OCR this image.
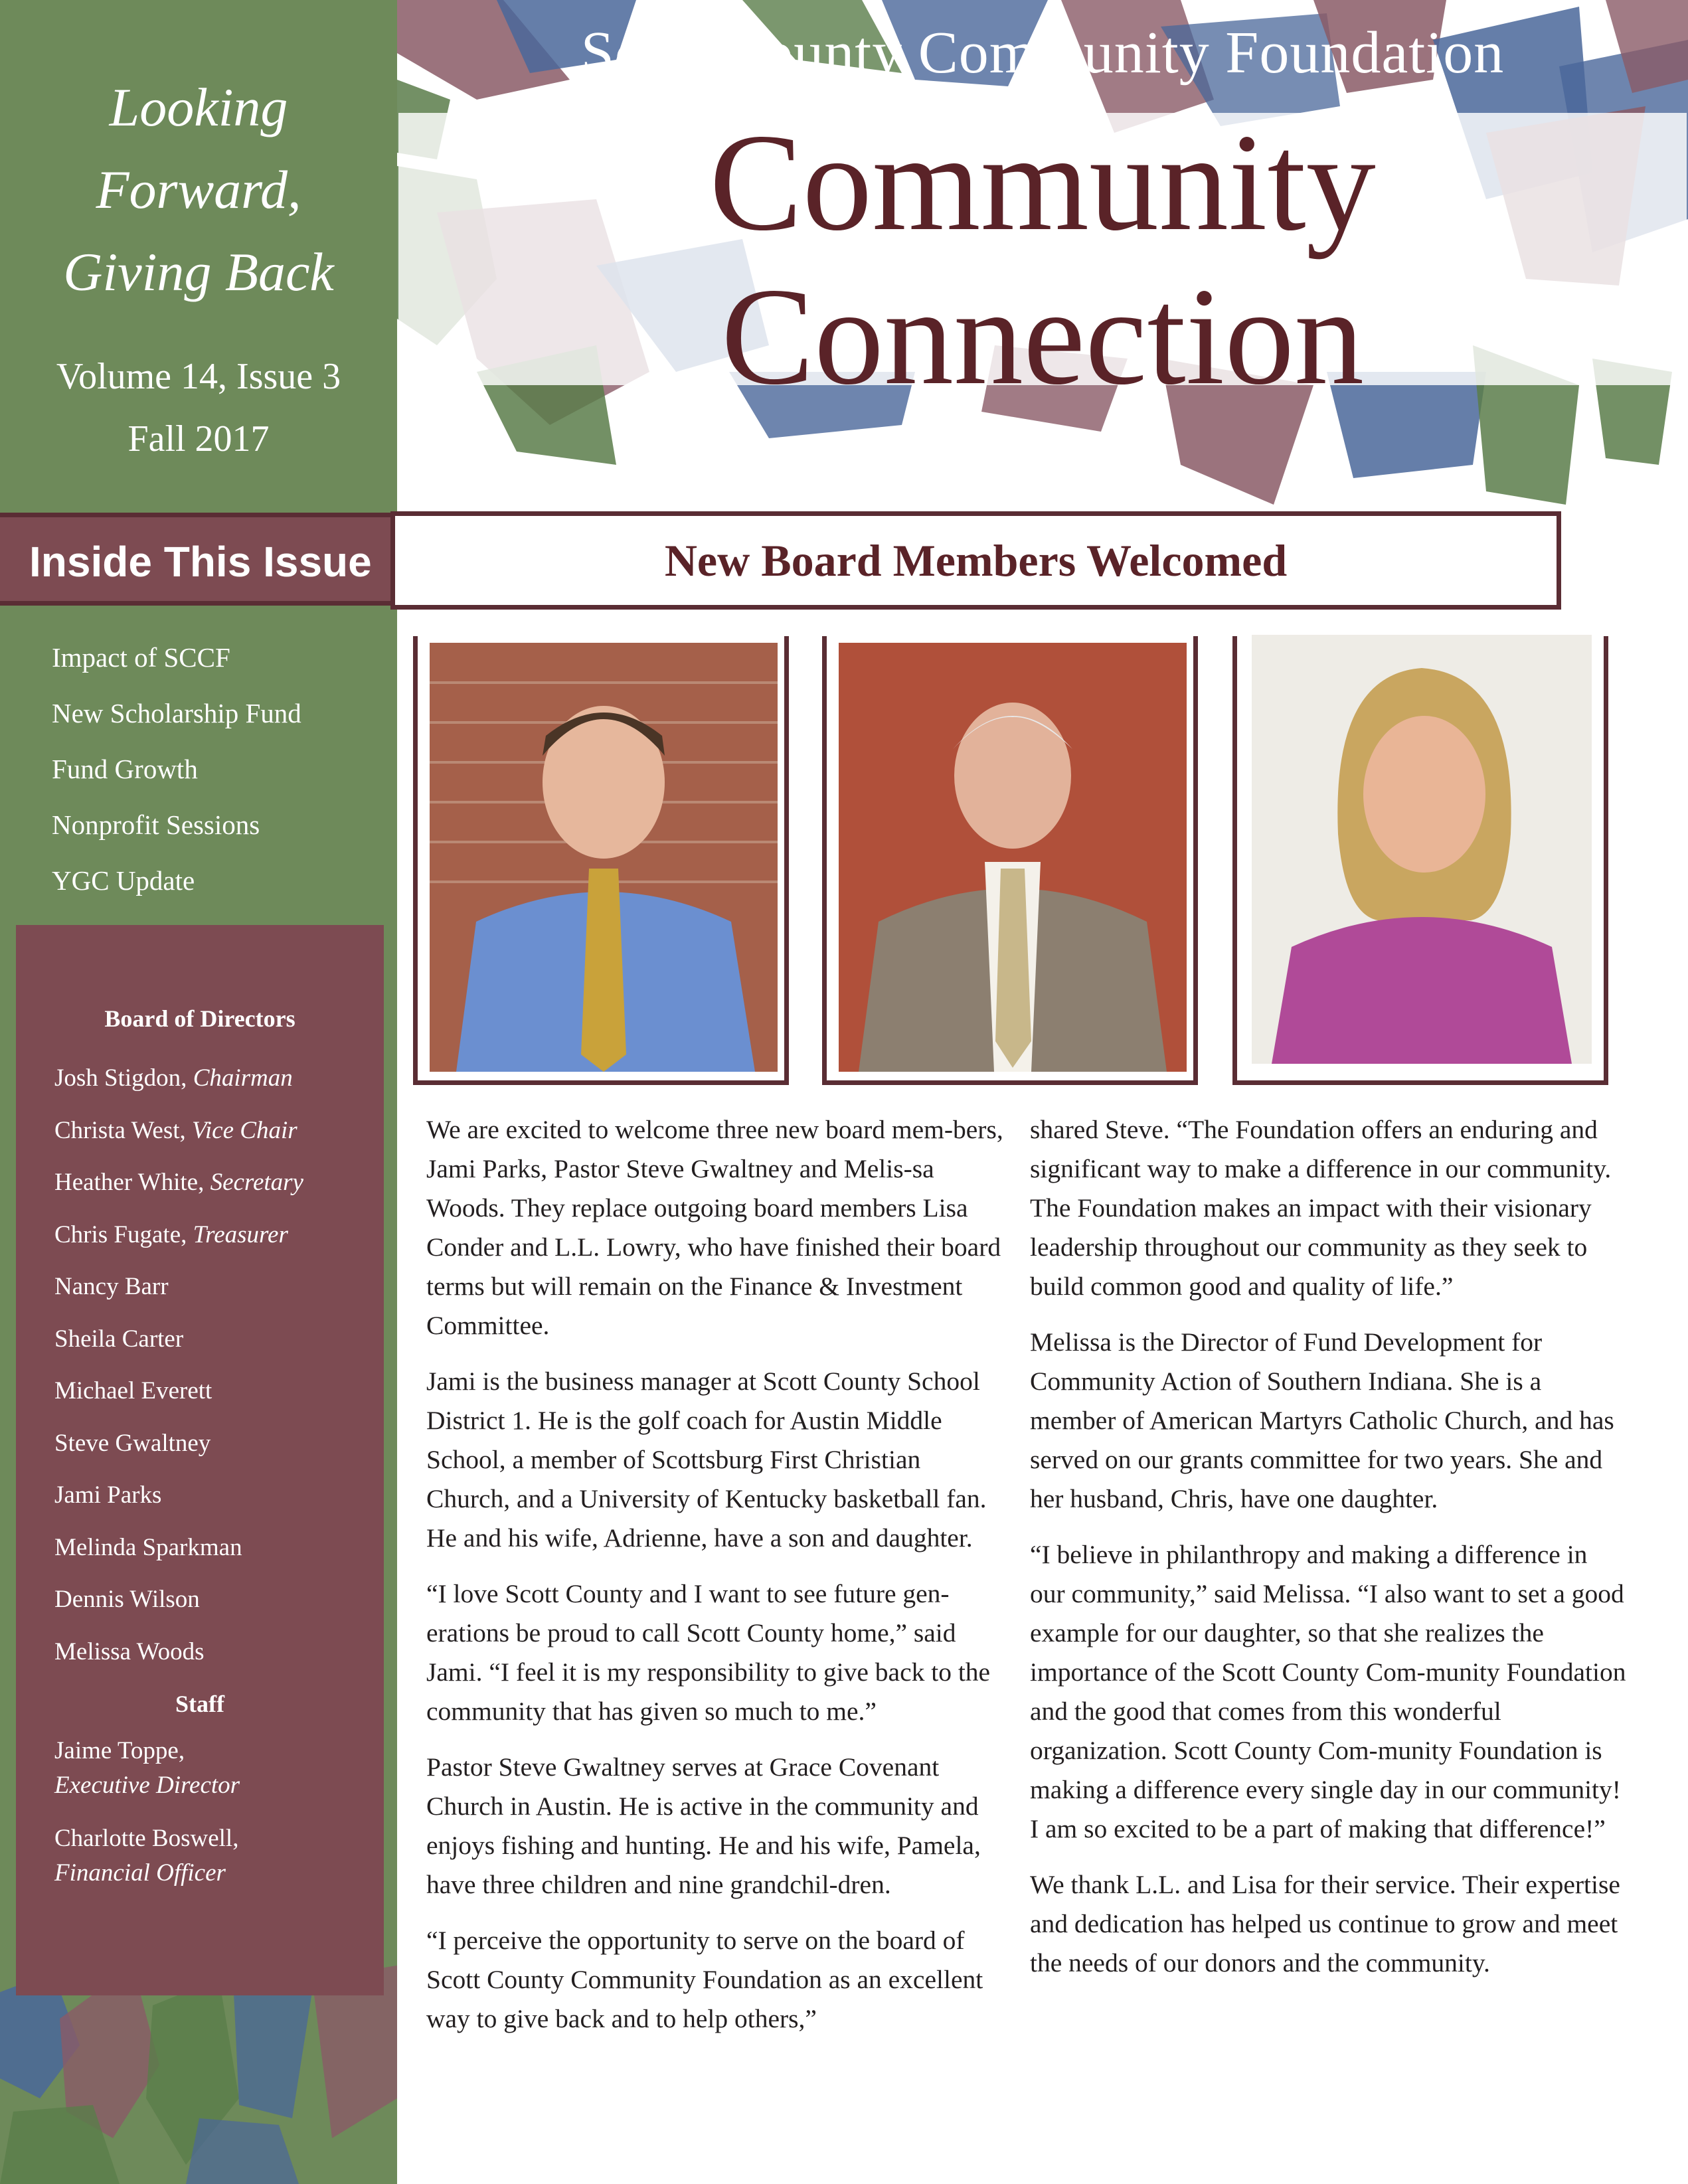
Looking
Forward,
Giving Back
Volume 14, Issue 3
Fall 2017
Inside This Issue
Impact of SCCF
New Scholarship Fund
Fund Growth
Nonprofit Sessions
YGC Update
Board of Directors
Josh Stigdon, Chairman
Christa West, Vice Chair
Heather White, Secretary
Chris Fugate, Treasurer
Nancy Barr
Sheila Carter
Michael Everett
Steve Gwaltney
Jami Parks
Melinda Sparkman
Dennis Wilson
Melissa Woods
Staff
Jaime Toppe,
Executive Director
Charlotte Boswell,
Financial Officer
Scott County Community Foundation
Community
Connection
New Board Members Welcomed

We are excited to welcome three new board mem-bers, Jami Parks, Pastor Steve Gwaltney and Melis-sa Woods. They replace outgoing board members Lisa Conder and L.L. Lowry, who have finished their board terms but will remain on the Finance & Investment Committee.

Jami is the business manager at Scott County School District 1. He is the golf coach for Austin Middle School, a member of Scottsburg First Christian Church, and a University of Kentucky basketball fan. He and his wife, Adrienne, have a son and daughter.

“I love Scott County and I want to see future gen-erations be proud to call Scott County home,” said Jami. “I feel it is my responsibility to give back to the community that has given so much to me.”

Pastor Steve Gwaltney serves at Grace Covenant Church in Austin. He is active in the community and enjoys fishing and hunting. He and his wife, Pamela, have three children and nine grandchil-dren.

“I perceive the opportunity to serve on the board of Scott County Community Foundation as an excellent way to give back and to help others,”

shared Steve. “The Foundation offers an enduring and significant way to make a difference in our community. The Foundation makes an impact with their visionary leadership throughout our community as they seek to build common good and quality of life.”

Melissa is the Director of Fund Development for Community Action of Southern Indiana. She is a member of American Martyrs Catholic Church, and has served on our grants committee for two years. She and her husband, Chris, have one daughter.

“I believe in philanthropy and making a difference in our community,” said Melissa. “I also want to set a good example for our daughter, so that she realizes the importance of the Scott County Com-munity Foundation and the good that comes from this wonderful organization. Scott County Com-munity Foundation is making a difference every single day in our community! I am so excited to be a part of making that difference!”

We thank L.L. and Lisa for their service. Their expertise and dedication has helped us continue to grow and meet the needs of our donors and the community.
